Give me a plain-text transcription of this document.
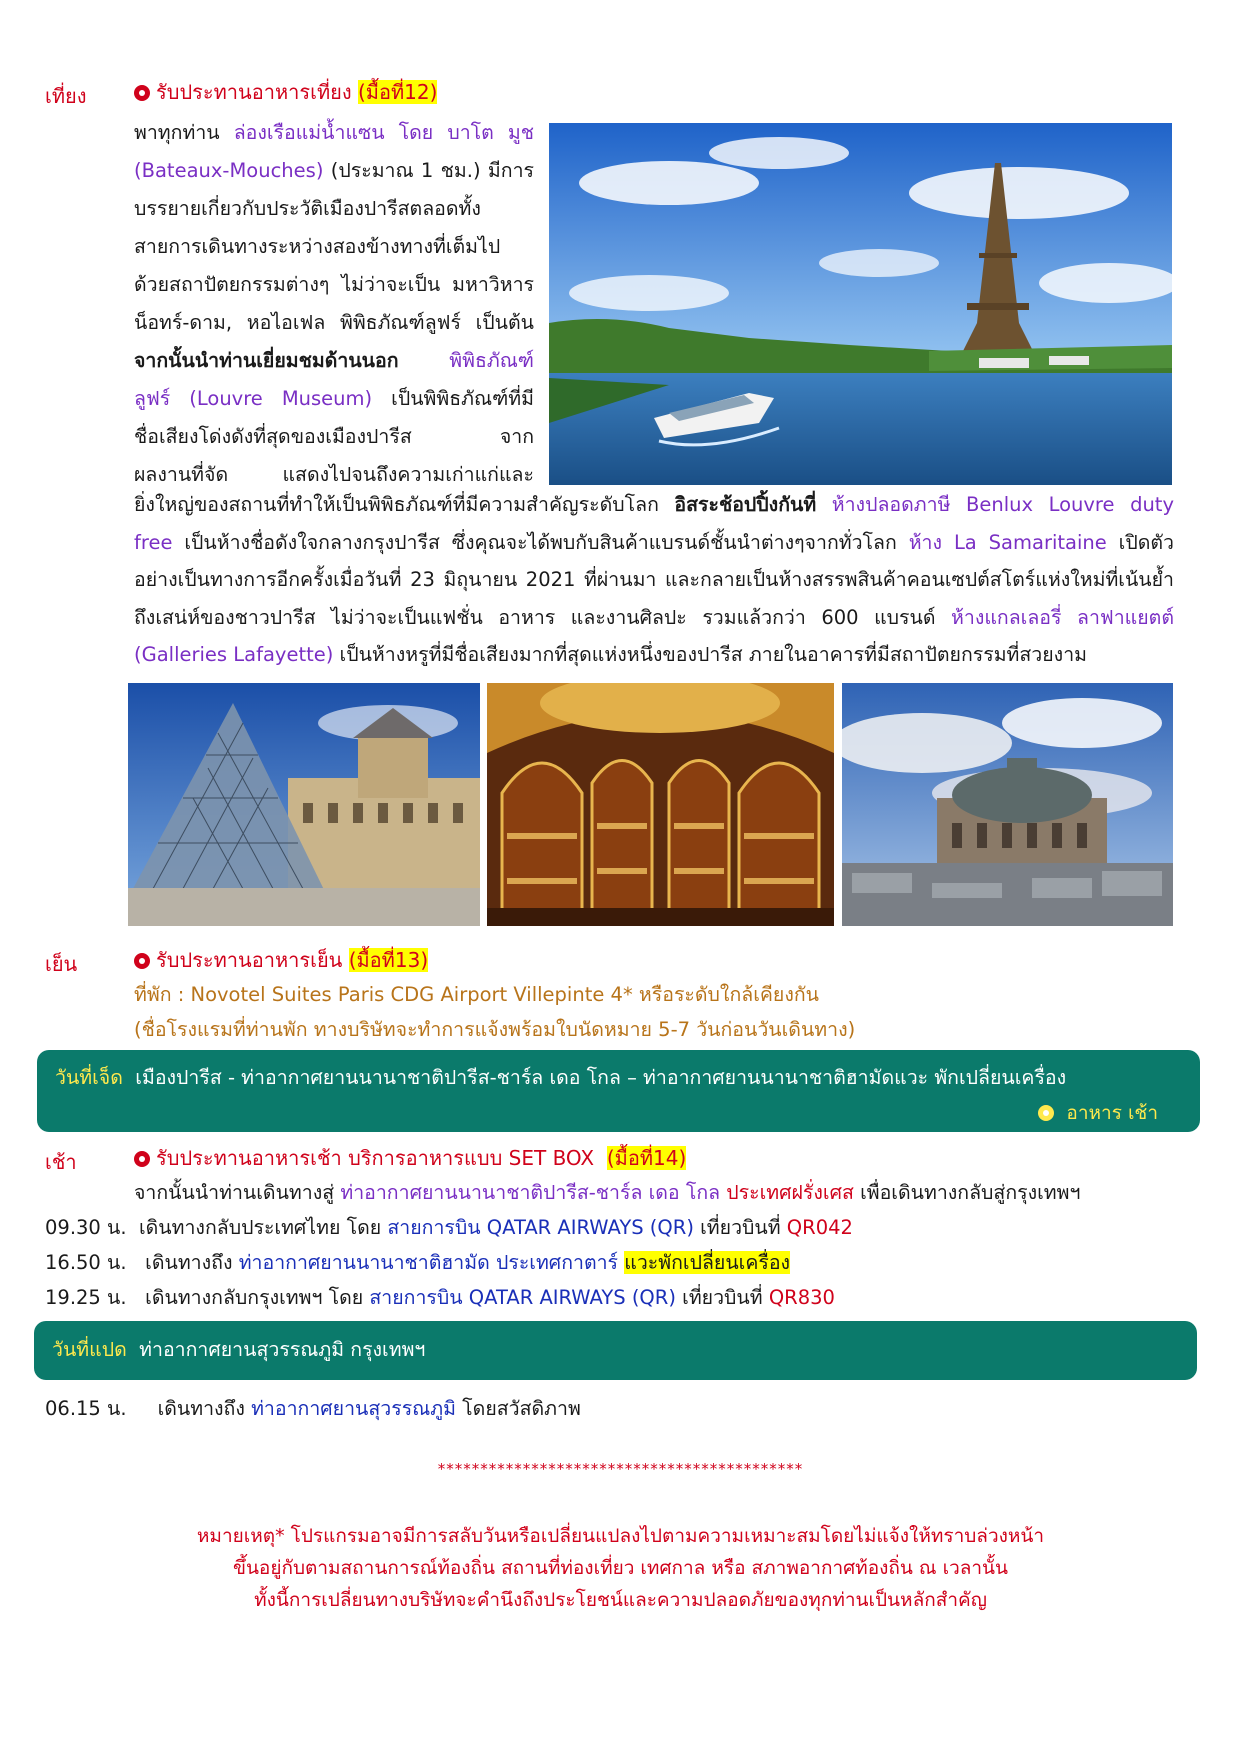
เที่ยง	รับประทานอาหารเที่ยง (มื้อที่12)
พาทุกท่าน ล่องเรือแม่น้ำแซน โดย บาโต มูช
(Bateaux-Mouches) (ประมาณ 1 ชม.) มีการ
บรรยายเกี่ยวกับประวัติเมืองปารีสตลอดทั้ง
สายการเดินทางระหว่างสองข้างทางที่เต็มไป
ด้วยสถาปัตยกรรมต่างๆ ไม่ว่าจะเป็น มหาวิหาร
น็อทร์-ดาม, หอไอเฟล พิพิธภัณฑ์ลูฟร์ เป็นต้น
จากนั้นนำท่านเยี่ยมชมด้านนอก พิพิธภัณฑ์
ลูฟร์ (Louvre Museum) เป็นพิพิธภัณฑ์ที่มี
ชื่อเสียงโด่งดังที่สุดของเมืองปารีส จาก
ผลงานที่จัด แสดงไปจนถึงความเก่าแก่และ
ยิ่งใหญ่ของสถานที่ทำให้เป็นพิพิธภัณฑ์ที่มีความสำคัญระดับโลก อิสระช้อปปิ้งกันที่ ห้างปลอดภาษี Benlux Louvre duty
free เป็นห้างชื่อดังใจกลางกรุงปารีส ซึ่งคุณจะได้พบกับสินค้าแบรนด์ชั้นนำต่างๆจากทั่วโลก ห้าง La Samaritaine เปิดตัว
อย่างเป็นทางการอีกครั้งเมื่อวันที่ 23 มิถุนายน 2021 ที่ผ่านมา และกลายเป็นห้างสรรพสินค้าคอนเซปต์สโตร์แห่งใหม่ที่เน้นย้ำ
ถึงเสน่ห์ของชาวปารีส ไม่ว่าจะเป็นแฟชั่น อาหาร และงานศิลปะ รวมแล้วกว่า 600 แบรนด์ ห้างแกลเลอรี่ ลาฟาแยตต์
(Galleries Lafayette) เป็นห้างหรูที่มีชื่อเสียงมากที่สุดแห่งหนึ่งของปารีส ภายในอาคารที่มีสถาปัตยกรรมที่สวยงาม
เย็น	รับประทานอาหารเย็น (มื้อที่13)
ที่พัก : Novotel Suites Paris CDG Airport Villepinte 4* หรือระดับใกล้เคียงกัน
(ชื่อโรงแรมที่ท่านพัก ทางบริษัทจะทำการแจ้งพร้อมใบนัดหมาย 5-7 วันก่อนวันเดินทาง)
วันที่เจ็ด เมืองปารีส - ท่าอากาศยานนานาชาติปารีส-ชาร์ล เดอ โกล – ท่าอากาศยานนานาชาติฮามัดแวะ พักเปลี่ยนเครื่อง
อาหาร เช้า
เช้า	รับประทานอาหารเช้า บริการอาหารแบบ SET BOX (มื้อที่14)
จากนั้นนำท่านเดินทางสู่ ท่าอากาศยานนานาชาติปารีส-ชาร์ล เดอ โกล ประเทศฝรั่งเศส เพื่อเดินทางกลับสู่กรุงเทพฯ
09.30 น. เดินทางกลับประเทศไทย โดย สายการบิน QATAR AIRWAYS (QR) เที่ยวบินที่ QR042
16.50 น. เดินทางถึง ท่าอากาศยานนานาชาติฮามัด ประเทศกาตาร์ แวะพักเปลี่ยนเครื่อง
19.25 น. เดินทางกลับกรุงเทพฯ โดย สายการบิน QATAR AIRWAYS (QR) เที่ยวบินที่ QR830
วันที่แปด ท่าอากาศยานสุวรรณภูมิ กรุงเทพฯ
06.15 น. เดินทางถึง ท่าอากาศยานสุวรรณภูมิ โดยสวัสดิภาพ
*******************************************
หมายเหตุ* โปรแกรมอาจมีการสลับวันหรือเปลี่ยนแปลงไปตามความเหมาะสมโดยไม่แจ้งให้ทราบล่วงหน้า
ขึ้นอยู่กับตามสถานการณ์ท้องถิ่น สถานที่ท่องเที่ยว เทศกาล หรือ สภาพอากาศท้องถิ่น ณ เวลานั้น
ทั้งนี้การเปลี่ยนทางบริษัทจะคำนึงถึงประโยชน์และความปลอดภัยของทุกท่านเป็นหลักสำคัญ
